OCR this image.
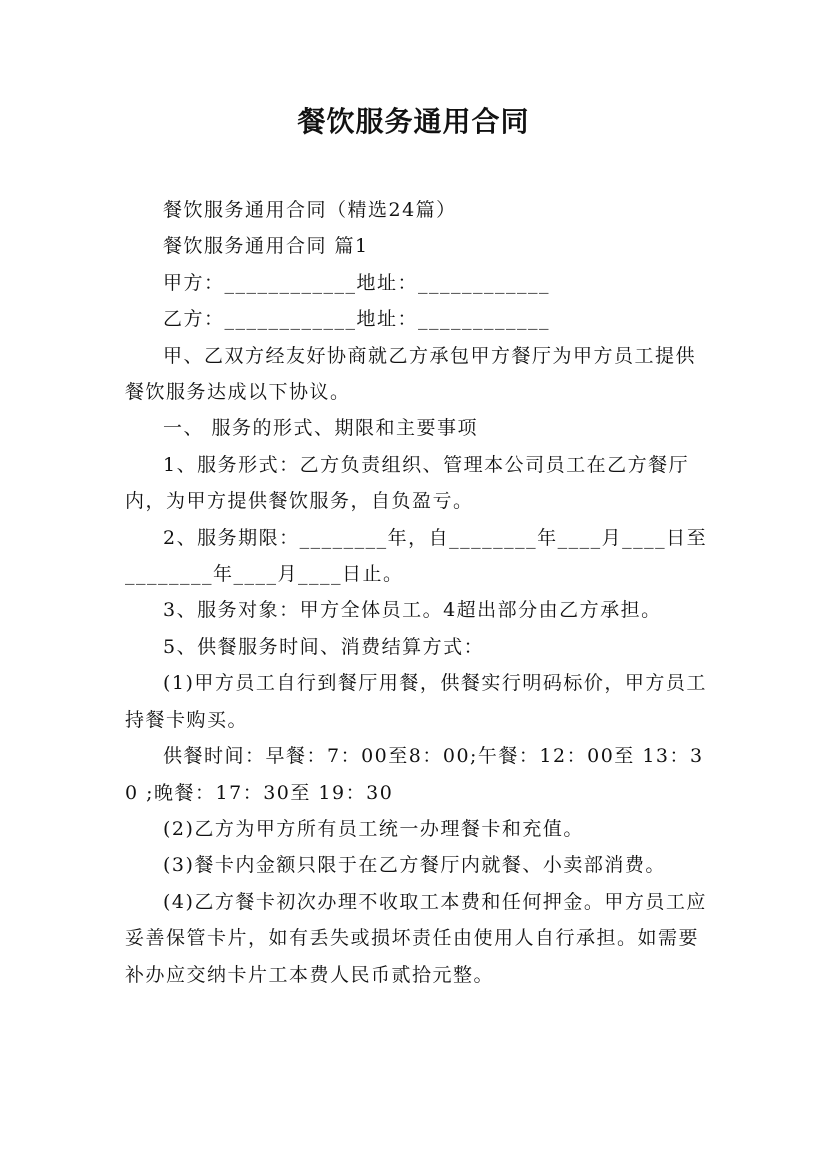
餐饮服务通用合同

餐饮服务通用合同（精选24篇）

餐饮服务通用合同 篇1

甲方：____________地址：____________

乙方：____________地址：____________

甲、乙双方经友好协商就乙方承包甲方餐厅为甲方员工提供餐饮服务达成以下协议。

一、 服务的形式、期限和主要事项

1、服务形式：乙方负责组织、管理本公司员工在乙方餐厅内，为甲方提供餐饮服务，自负盈亏。

2、服务期限：________年，自________年____月____日至________年____月____日止。

3、服务对象：甲方全体员工。4超出部分由乙方承担。

5、供餐服务时间、消费结算方式：

(1)甲方员工自行到餐厅用餐，供餐实行明码标价，甲方员工持餐卡购买。

供餐时间：早餐：7：00至8：00;午餐：12：00至 13：30 ;晚餐：17：30至 19：30

(2)乙方为甲方所有员工统一办理餐卡和充值。

(3)餐卡内金额只限于在乙方餐厅内就餐、小卖部消费。

(4)乙方餐卡初次办理不收取工本费和任何押金。甲方员工应妥善保管卡片，如有丢失或损坏责任由使用人自行承担。如需要补办应交纳卡片工本费人民币贰拾元整。
